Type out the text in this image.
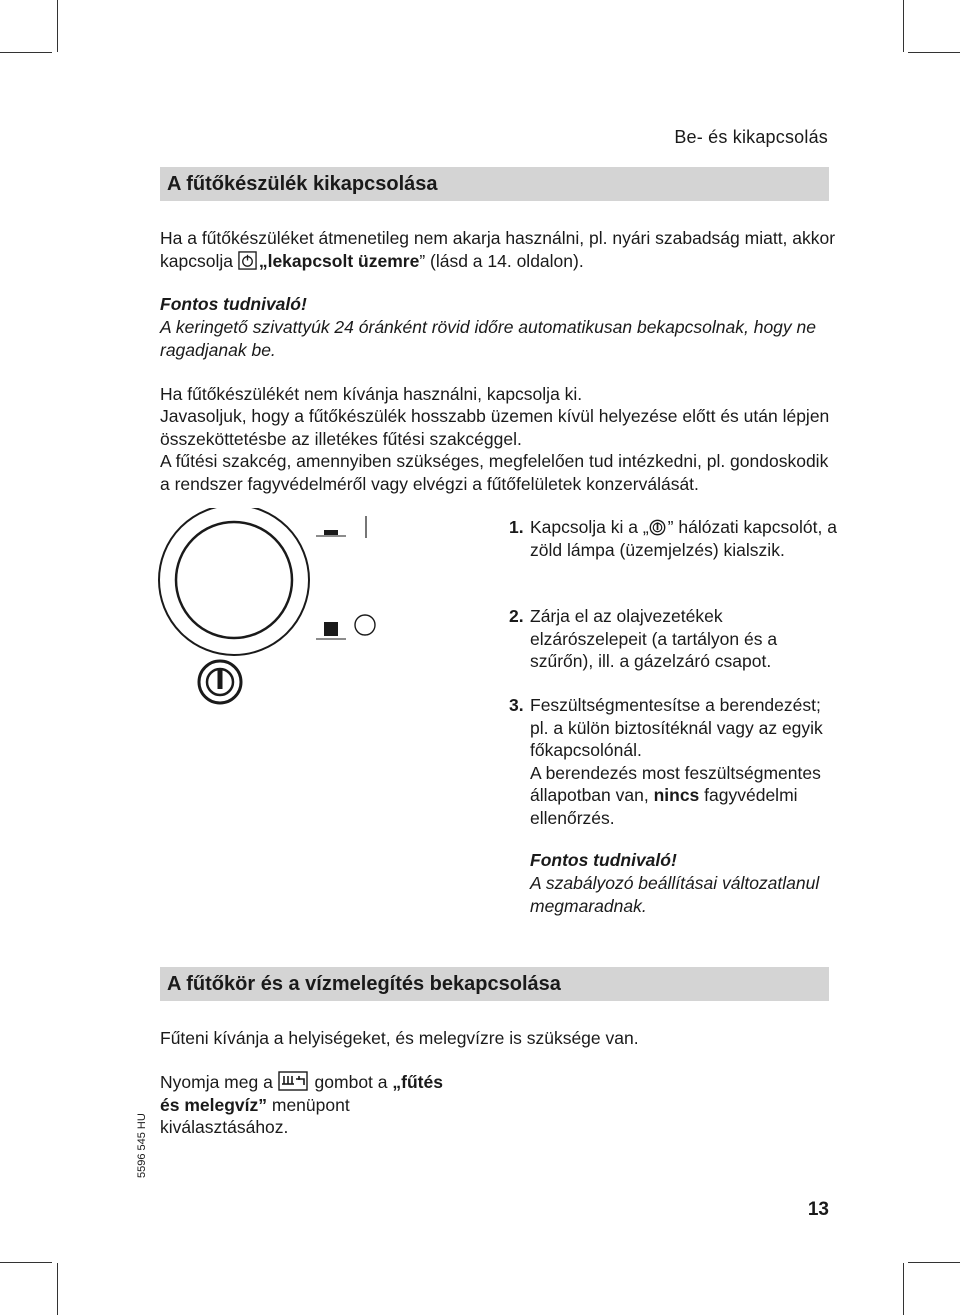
Be- és kikapcsolás
A fűtőkészülék kikapcsolása

Ha a fűtőkészüléket átmenetileg nem akarja használni, pl. nyári szabadság miatt, akkor kapcsolja „lekapcsolt üzemre” (lásd a 14. oldalon).

Fontos tudnivaló!

A keringető szivattyúk 24 óránként rövid időre automatikusan bekapcsolnak, hogy ne ragadjanak be.

Ha fűtőkészülékét nem kívánja használni, kapcsolja ki.

Javasoljuk, hogy a fűtőkészülék hosszabb üzemen kívül helyezése előtt és után lépjen összeköttetésbe az illetékes fűtési szakcéggel.

A fűtési szakcég, amennyiben szükséges, megfelelően tud intézkedni, pl. gondoskodik a rendszer fagyvédelméről vagy elvégzi a fűtőfelületek konzerválását.

1. Kapcsolja ki a „ ” hálózati kapcsolót, a zöld lámpa (üzemjelzés) kialszik.
2. Zárja el az olajvezetékek elzárószelepeit (a tartályon és a szűrőn), ill. a gázelzáró csapot.
3. Feszültségmentesítse a berendezést; pl. a külön biztosítéknál vagy az egyik főkapcsolónál.
A berendezés most feszültségmentes állapotban van, nincs fagyvédelmi ellenőrzés.

Fontos tudnivaló!

A szabályozó beállításai változatlanul megmaradnak.

A fűtőkör és a vízmelegítés bekapcsolása

Fűteni kívánja a helyiségeket, és melegvízre is szüksége van.

Nyomja meg a  gombot a „fűtés és melegvíz” menüpont kiválasztásához.

5596 545 HU
13
